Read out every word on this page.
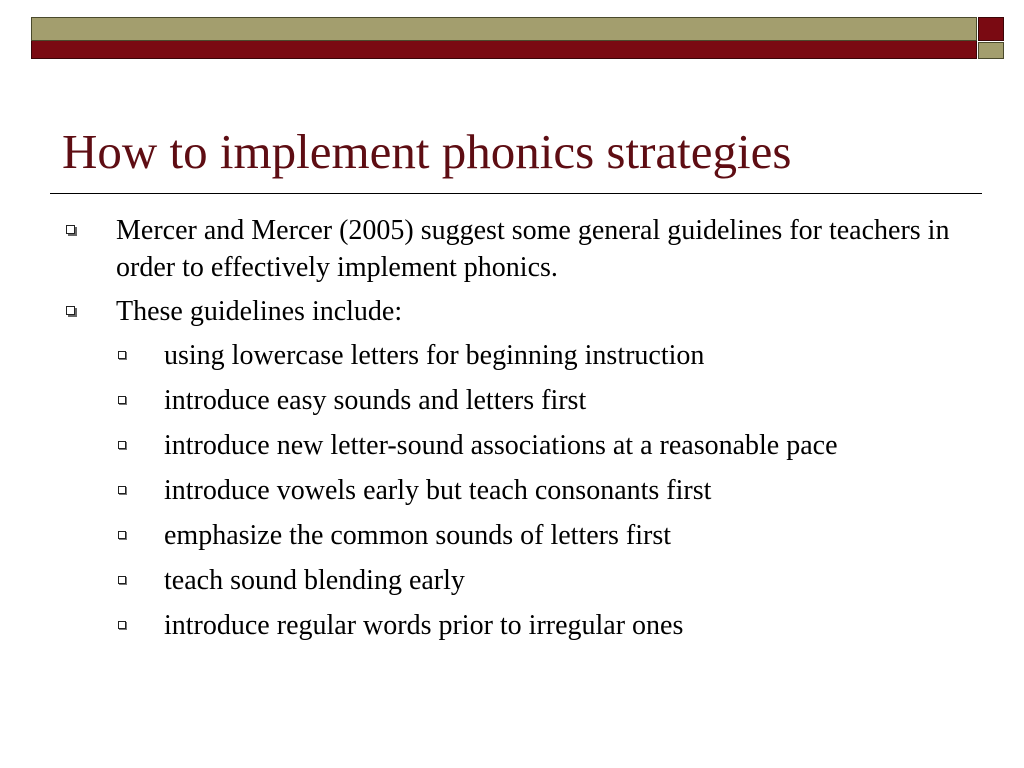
How to implement phonics strategies
Mercer and Mercer (2005) suggest some general guidelines for teachers in order to effectively implement phonics.
These guidelines include:
using lowercase letters for beginning instruction
introduce easy sounds and letters first
introduce new letter-sound associations at a reasonable pace
introduce vowels early but teach consonants first
emphasize the common sounds of letters first
teach sound blending early
introduce regular words prior to irregular ones
